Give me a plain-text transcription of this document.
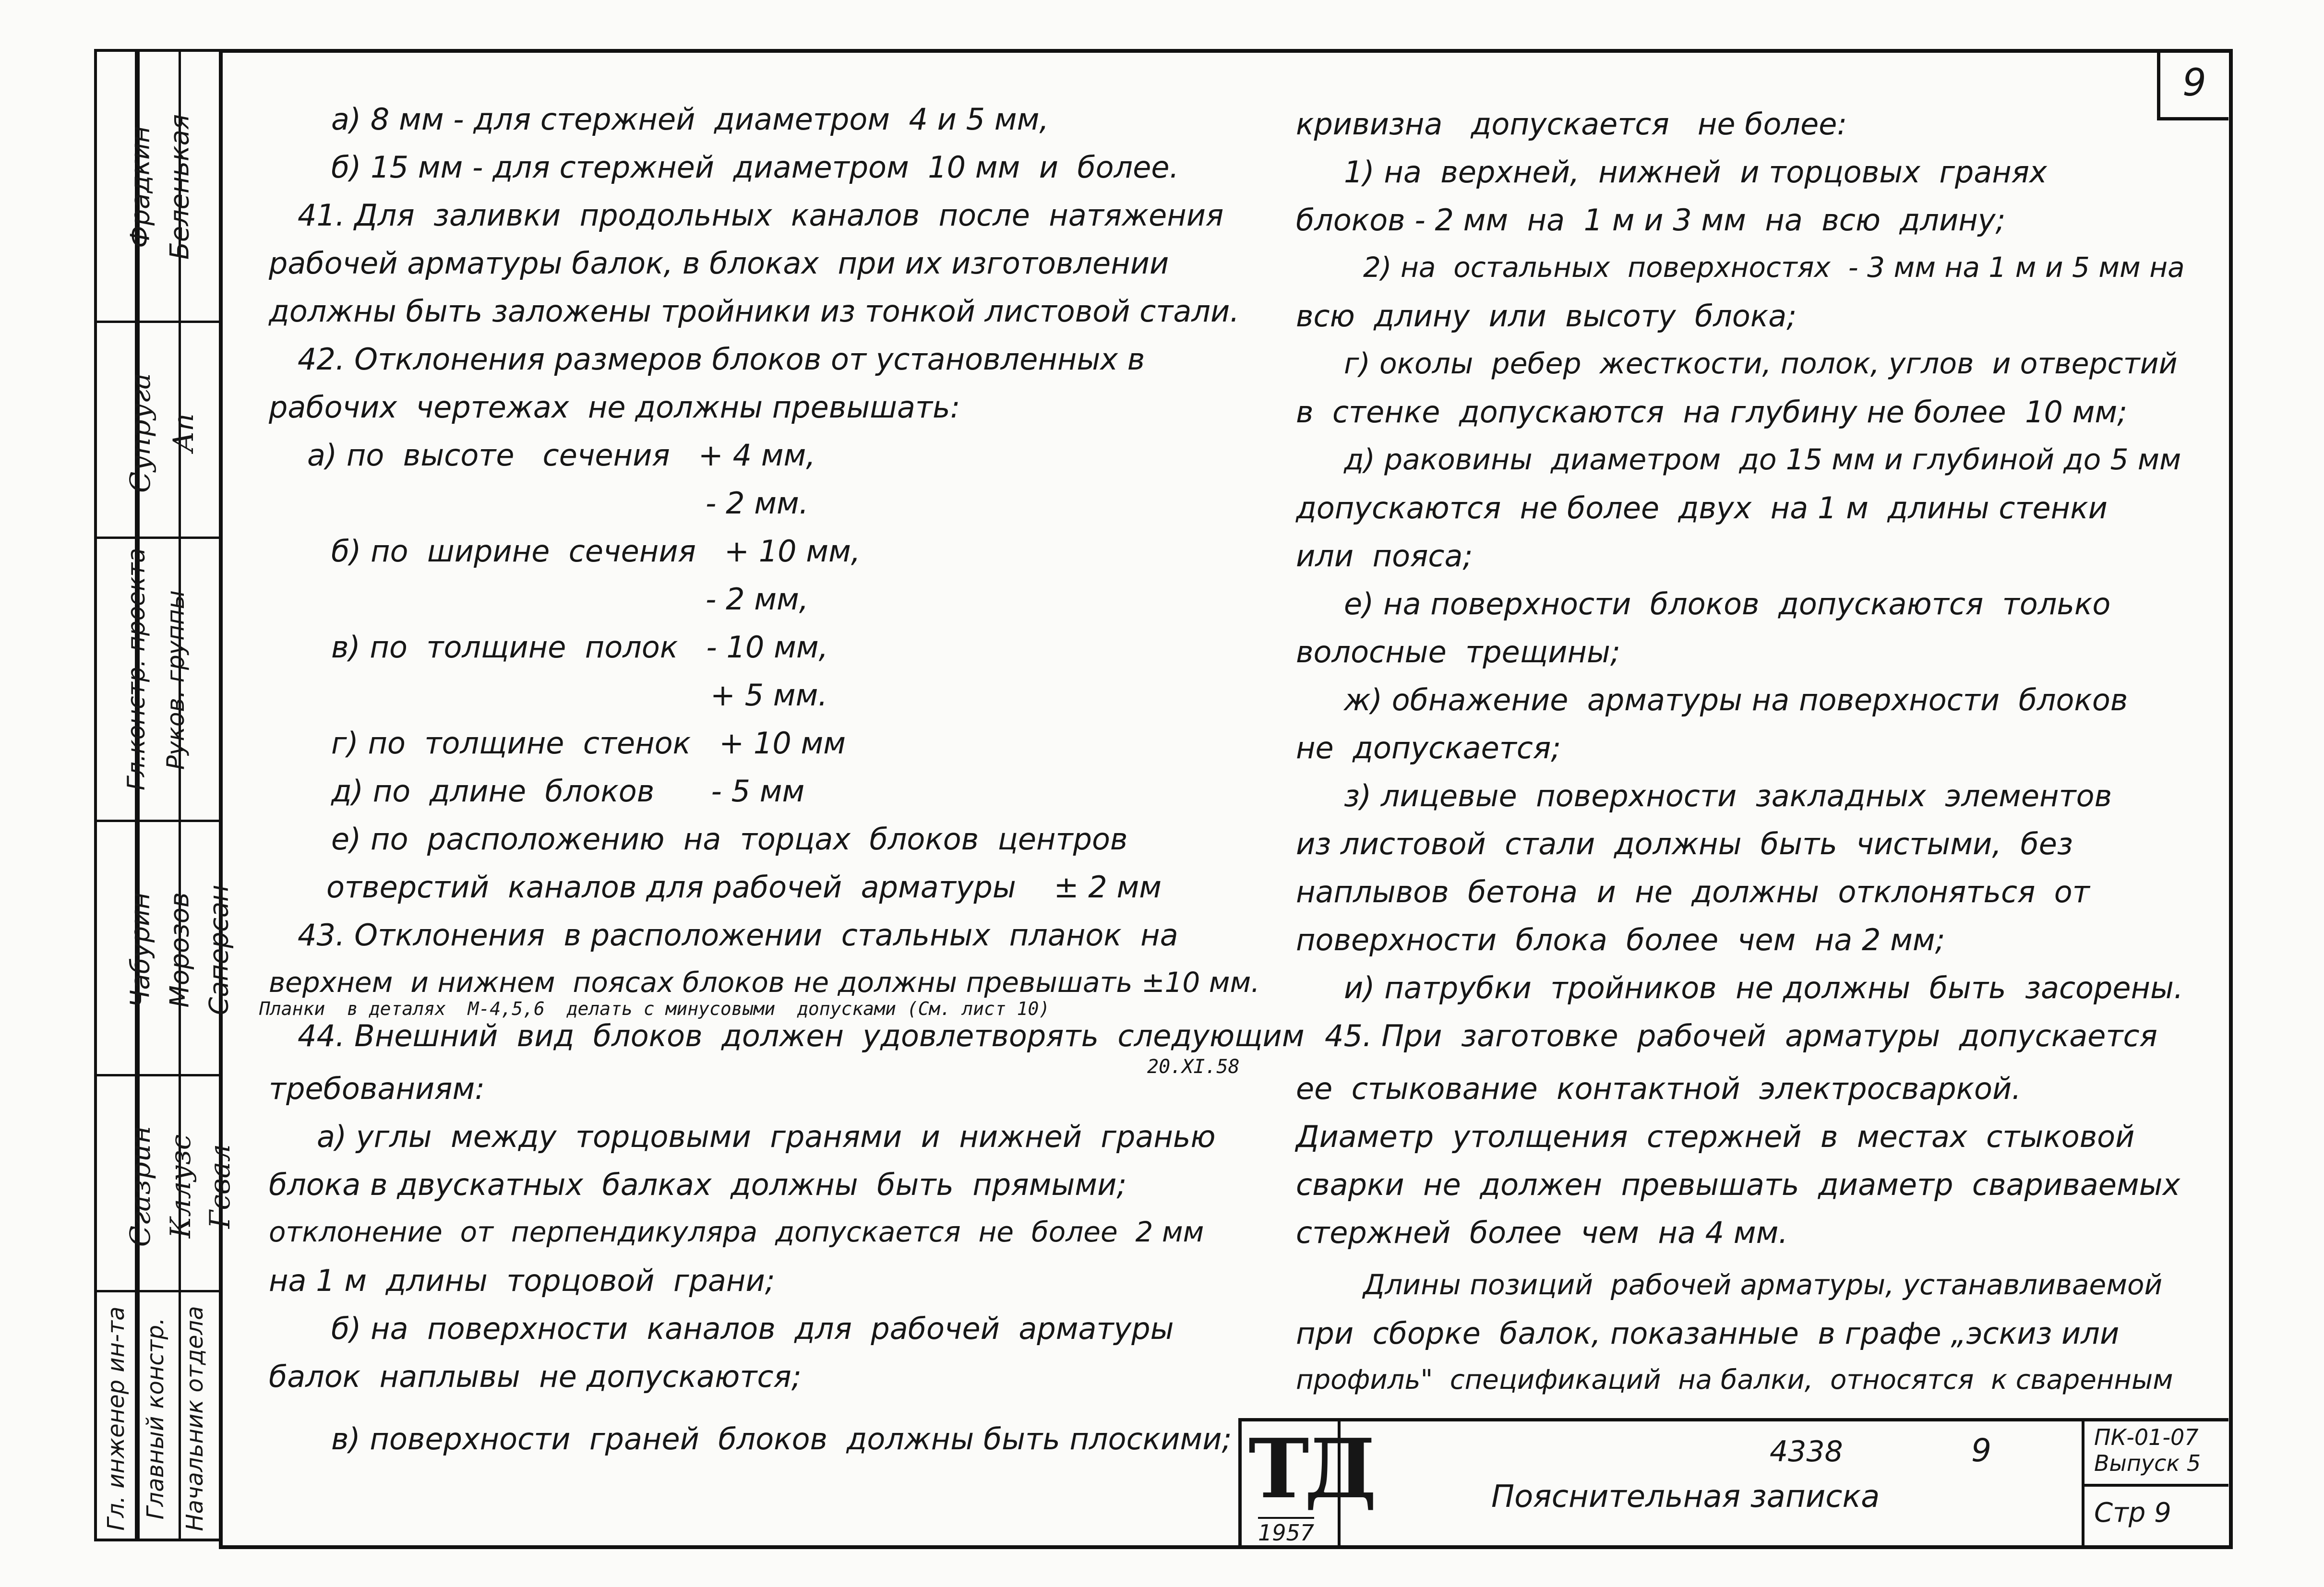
9
Гл. инженер ин-та Главный констр. Начальник отдела
Фрадкин Беленькая
Супруга Ап
Гл.констр. проекта Руков. группы
Чабурин Морозов Саперсан
Сгазрин Кллузс Гсвал
а) 8 мм - для стержней  диаметром  4 и 5 мм,
б) 15 мм - для стержней  диаметром  10 мм  и  более.
41. Для  заливки  продольных  каналов  после  натяжения
рабочей арматуры балок, в блоках  при их изготовлении
должны быть заложены тройники из тонкой листовой стали.
42. Отклонения размеров блоков от установленных в
рабочих  чертежах  не должны превышать:
а) по  высоте   сечения   + 4 мм,
- 2 мм.
б) по  ширине  сечения   + 10 мм,
- 2 мм,
в) по  толщине  полок   - 10 мм,
+ 5 мм.
г) по  толщине  стенок   + 10 мм
д) по  длине  блоков      - 5 мм
е) по  расположению  на  торцах  блоков  центров
отверстий  каналов для рабочей  арматуры    ± 2 мм
43. Отклонения  в расположении  стальных  планок  на
верхнем  и нижнем  поясах блоков не должны превышать ±10 мм.
Планки  в деталях  М-4,5,6  делать с минусовыми  допусками (См. лист 10)
44. Внешний  вид  блоков  должен  удовлетворять  следующим
20.XI.58
требованиям:
а) углы  между  торцовыми  гранями  и  нижней  гранью
блока в двускатных  балках  должны  быть  прямыми;
отклонение  от  перпендикуляра  допускается  не  более  2 мм
на 1 м  длины  торцовой  грани;
б) на  поверхности  каналов  для  рабочей  арматуры
балок  наплывы  не допускаются;
в) поверхности  граней  блоков  должны быть плоскими;
кривизна   допускается   не более:
1) на  верхней,  нижней  и торцовых  гранях
блоков - 2 мм  на  1 м и 3 мм  на  всю  длину;
2) на  остальных  поверхностях  - 3 мм на 1 м и 5 мм на
всю  длину  или  высоту  блока;
г) околы  ребер  жесткости, полок, углов  и отверстий
в  стенке  допускаются  на глубину не более  10 мм;
д) раковины  диаметром  до 15 мм и глубиной до 5 мм
допускаются  не более  двух  на 1 м  длины стенки
или  пояса;
е) на поверхности  блоков  допускаются  только
волосные  трещины;
ж) обнажение  арматуры на поверхности  блоков
не  допускается;
з) лицевые  поверхности  закладных  элементов
из листовой  стали  должны  быть  чистыми,  без
наплывов  бетона  и  не  должны  отклоняться  от
поверхности  блока  более  чем  на 2 мм;
и) патрубки  тройников  не должны  быть  засорены.
45. При  заготовке  рабочей  арматуры  допускается
ее  стыкование  контактной  электросваркой.
Диаметр  утолщения  стержней  в  местах  стыковой
сварки  не  должен  превышать  диаметр  свариваемых
стержней  более  чем  на 4 мм.
Длины позиций  рабочей арматуры, устанавливаемой
при  сборке  балок, показанные  в графе „эскиз или
профиль"  спецификаций  на балки,  относятся  к сваренным
ТД
1957
4338	9
Пояснительная записка
ПК-01-07
Выпуск 5
Стр 9
